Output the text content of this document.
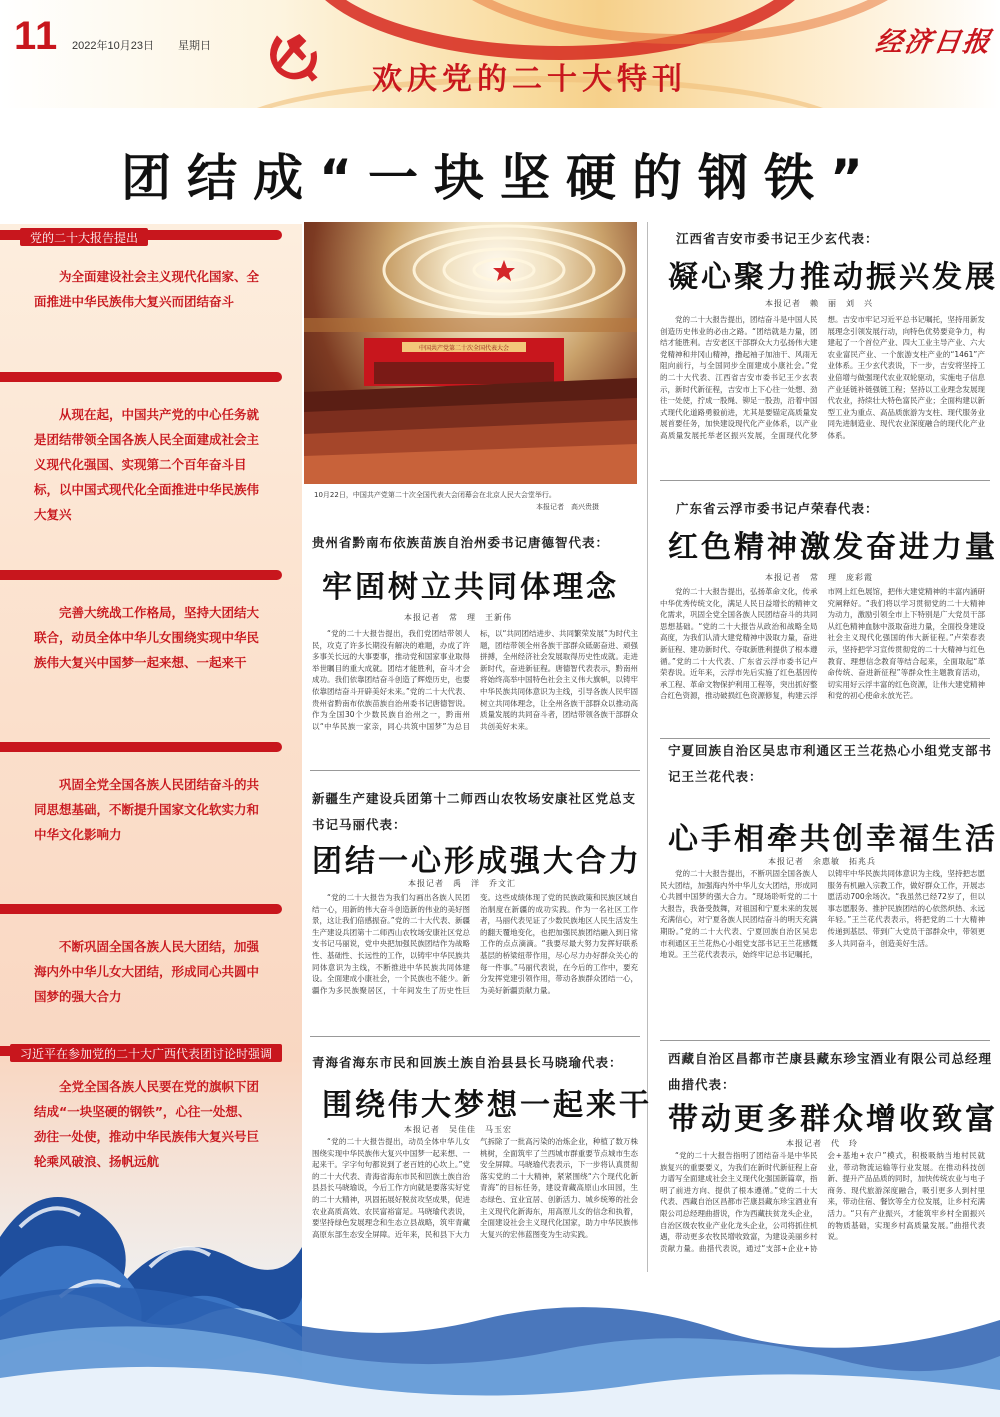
11 2022年10月23日 星期日
欢庆党的二十大特刊
经济日报
团结成“一块坚硬的钢铁”
党的二十大报告提出

为全面建设社会主义现代化国家、全面推进中华民族伟大复兴而团结奋斗

从现在起，中国共产党的中心任务就是团结带领全国各族人民全面建成社会主义现代化强国、实现第二个百年奋斗目标，以中国式现代化全面推进中华民族伟大复兴

完善大统战工作格局，坚持大团结大联合，动员全体中华儿女围绕实现中华民族伟大复兴中国梦一起来想、一起来干

巩固全党全国各族人民团结奋斗的共同思想基础，不断提升国家文化软实力和中华文化影响力

不断巩固全国各族人民大团结，加强海内外中华儿女大团结，形成同心共圆中国梦的强大合力

习近平在参加党的二十大广西代表团讨论时强调

全党全国各族人民要在党的旗帜下团结成“一块坚硬的钢铁”，心往一处想、劲往一处使，推动中华民族伟大复兴号巨轮乘风破浪、扬帆远航

中国共产党第二十次全国代表大会

10月22日，中国共产党第二十次全国代表大会闭幕会在北京人民大会堂举行。

本报记者　高兴贵摄

江西省吉安市委书记王少玄代表：

凝心聚力推动振兴发展

本报记者　赖　丽　刘　兴

党的二十大报告提出，团结奋斗是中国人民创造历史伟业的必由之路。“团结就是力量，团结才能胜利。吉安老区干部群众大力弘扬伟大建党精神和井冈山精神，撸起袖子加油干、风雨无阻向前行，与全国同步全面建成小康社会。”党的二十大代表、江西省吉安市委书记王少玄表示，新时代新征程，吉安市上下心往一处想、劲往一处使，拧成一股绳、铆足一股劲，沿着中国式现代化道路勇毅前进，尤其是要锚定高质量发展首要任务，加快建设现代化产业体系，以产业高质量发展托举老区振兴发展，全面现代化梦想。吉安市牢记习近平总书记嘱托，坚持用新发展理念引领发展行动，向特色优势要竞争力，构建起了一个首位产业、四大工业主导产业、六大农业富民产业、一个旅游支柱产业的“1461”产业体系。王少玄代表说，下一步，吉安将坚持工业倍增与做强现代农业双轮驱动，实施电子信息产业延链补链强链工程；坚持以工业理念发展现代农业，持续壮大特色富民产业；全面构建以新型工业为重点、高品质旅游为支柱、现代服务业同先进制造业、现代农业深度融合的现代化产业体系。

广东省云浮市委书记卢荣春代表：

红色精神激发奋进力量

本报记者　常　理　庞彩霞

党的二十大报告提出，弘扬革命文化，传承中华优秀传统文化，满足人民日益增长的精神文化需求，巩固全党全国各族人民团结奋斗的共同思想基础。“党的二十大报告从政治和战略全局高度，为我们认清大建党精神中汲取力量，奋进新征程、建功新时代、夺取新胜利提供了根本遵循。”党的二十大代表、广东省云浮市委书记卢荣春说。近年来，云浮市先后实施了红色基因传承工程、革命文物保护利用工程等，突出抓好整合红色资源，推动破损红色资源修复，构建云浮市网上红色展馆，把伟大建党精神的丰富内涵研究阐释好。“我们将以学习贯彻党的二十大精神为动力，激励引领全市上下特别是广大党员干部从红色精神血脉中汲取奋进力量，全面投身建设社会主义现代化强国的伟大新征程。”卢荣春表示，坚持把学习宣传贯彻党的二十大精神与红色教育、理想信念教育等结合起来，全面取起“革命传统、奋进新征程”等群众性主题教育活动，切实用好云浮丰富的红色资源，让伟大建党精神和党的初心使命永放光芒。

贵州省黔南布依族苗族自治州委书记唐德智代表：

牢固树立共同体理念

本报记者　常　理　王新伟

“党的二十大报告提出，我们党团结带领人民，攻克了许多长期没有解决的难题，办成了许多事关长远的大事要事，推动党和国家事业取得举世瞩目的重大成就。团结才能胜利，奋斗才会成功。我们依靠团结奋斗创造了辉煌历史，也要依靠团结奋斗开辟美好未来。”党的二十大代表、贵州省黔南布依族苗族自治州委书记唐德智说。作为全国30个少数民族自治州之一，黔南州以“中华民族一家亲，同心共筑中国梦”为总目标，以“共同团结进步、共同繁荣发展”为时代主题，团结带领全州各族干部群众砥砺奋进、顽强拼搏，全州经济社会发展取得历史性成就。走进新时代，奋进新征程。唐德智代表表示，黔南州将始终高举中国特色社会主义伟大旗帜，以铸牢中华民族共同体意识为主线，引导各族人民牢固树立共同体理念，让全州各族干部群众以推动高质量发展的共同奋斗者，团结带领各族干部群众共创美好未来。

新疆生产建设兵团第十二师西山农牧场安康社区党总支书记马丽代表：

团结一心形成强大合力

本报记者　禹　洋　乔文汇

“党的二十大报告为我们勾画出各族人民团结一心，用新的伟大奋斗创造新的伟业的美好图景，这让我们倍感振奋。”党的二十大代表、新疆生产建设兵团第十二师西山农牧场安康社区党总支书记马丽说，党中央把加强民族团结作为战略性、基础性、长远性的工作，以铸牢中华民族共同体意识为主线，不断推进中华民族共同体建设。全面建成小康社会，一个民族也不能少。新疆作为多民族聚居区，十年间发生了历史性巨变。这些成绩体现了党的民族政策和民族区域自治制度在新疆的成功实践。作为一名社区工作者，马丽代表见证了少数民族地区人民生活发生的翻天覆地变化，也把加强民族团结融入到日常工作的点点滴滴。“我要尽最大努力发挥好联系基层的桥梁纽带作用，尽心尽力办好群众关心的每一件事。”马丽代表说，在今后的工作中，要充分发挥党建引领作用，带动各族群众团结一心，为美好新疆贡献力量。

宁夏回族自治区吴忠市利通区王兰花热心小组党支部书记王兰花代表：

心手相牵共创幸福生活

本报记者　余惠敏　拓兆兵

党的二十大报告提出，不断巩固全国各族人民大团结，加强海内外中华儿女大团结，形成同心共圆中国梦的强大合力。“现场聆听党的二十大报告，我备受鼓舞，对祖国和宁夏未来的发展充满信心，对宁夏各族人民团结奋斗的明天充满期盼。”党的二十大代表、宁夏回族自治区吴忠市利通区王兰花热心小组党支部书记王兰花感慨地说。王兰花代表表示，始终牢记总书记嘱托，以铸牢中华民族共同体意识为主线，坚持把志愿服务有机融入宗教工作，做好群众工作，开展志愿活动700余场次。“我虽然已经72岁了，但以事志愿服务、推护民族团结的心依然炽热、永远年轻。”王兰花代表表示，将把党的二十大精神传递到基层、带到广大党员干部群众中，带领更多人共同奋斗，创造美好生活。

青海省海东市民和回族土族自治县县长马晓瑜代表：

围绕伟大梦想一起来干

本报记者　吴佳佳　马玉宏

“党的二十大报告提出，动员全体中华儿女围绕实现中华民族伟大复兴中国梦一起来想、一起来干。字字句句都说到了老百姓的心坎上。”党的二十大代表、青海省海东市民和回族土族自治县县长马晓瑜说，今后工作方向就是要落实好党的二十大精神，巩固拓展好脱贫攻坚成果，促进农业高质高效、农民富裕富足。马晓瑜代表说，要坚持绿色发展理念和生态立县战略，筑牢青藏高原东部生态安全屏障。近年来，民和县下大力气拆除了一批高污染的冶炼企业，种植了数万株桃树，全面筑牢了兰西城市群重要节点城市生态安全屏障。马晓瑜代表表示，下一步将认真贯彻落实党的二十大精神，紧紧围绕“六个现代化新青海”的目标任务，建设青藏高原山水田园，生态绿色、宜业宜居、创新活力、城乡统筹的社会主义现代化新海东，用高原儿女的信念和执着，全面建设社会主义现代化国家，助力中华民族伟大复兴的宏伟蓝图变为生动实践。

西藏自治区昌都市芒康县藏东珍宝酒业有限公司总经理曲措代表：

带动更多群众增收致富

本报记者　代　玲

“党的二十大报告指明了团结奋斗是中华民族复兴的重要要义，为我们在新时代新征程上奋力谱写全面建成社会主义现代化强国新篇章，指明了前进方向、提供了根本遵循。”党的二十大代表、西藏自治区昌都市芒康县藏东珍宝酒业有限公司总经理曲措说，作为西藏扶贫龙头企业，自治区级农牧业产业化龙头企业，公司将抓住机遇，带动更多农牧民增收致富，为建设美丽乡村贡献力量。曲措代表说，通过“支部+企业+协会+基地+农户”模式，积极吸纳当地村民就业，带动物流运输等行业发展。在推动科技创新、提升产品品质的同时，加快传统农业与电子商务、现代旅游深度融合，吸引更多人到村里来，带动住宿、餐饮等全方位发展，让乡村充满活力。“只有产业振兴，才能筑牢乡村全面振兴的物质基础，实现乡村高质量发展。”曲措代表说。
